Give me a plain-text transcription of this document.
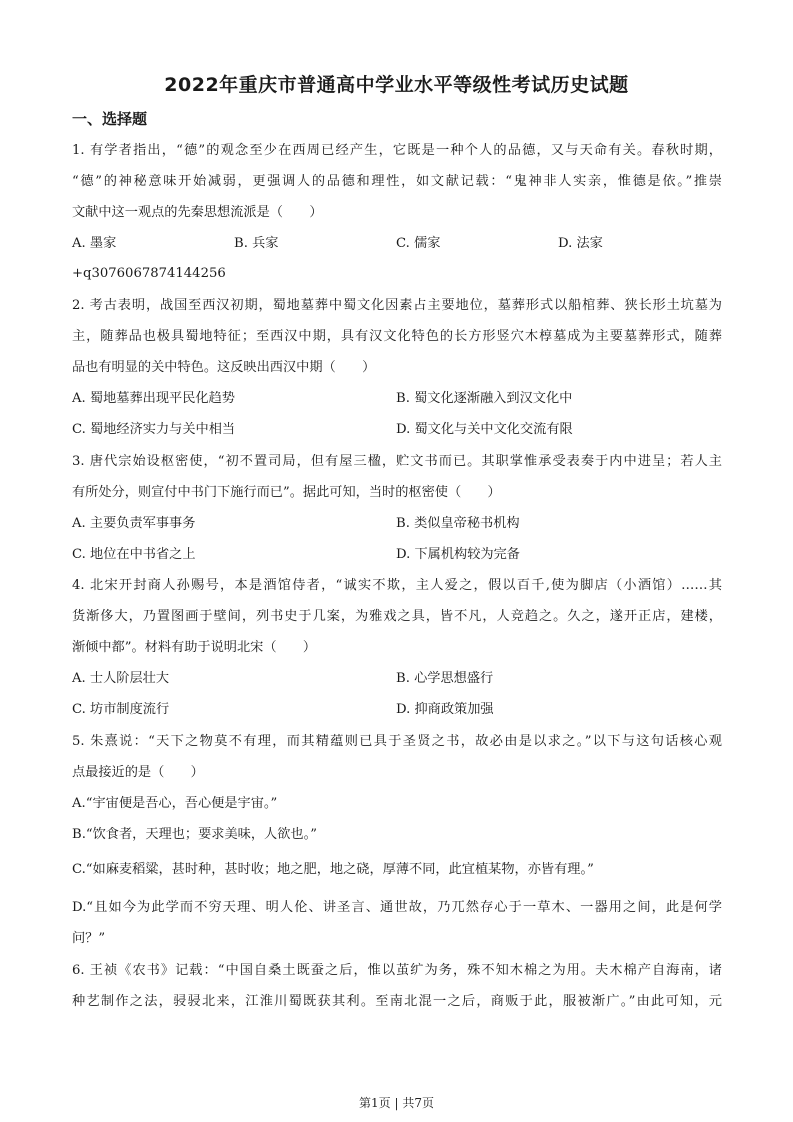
2022年重庆市普通高中学业水平等级性考试历史试题
一、选择题
1. 有学者指出，“德”的观念至少在西周已经产生，它既是一种个人的品德，又与天命有关。春秋时期，
“德”的神秘意味开始减弱，更强调人的品德和理性，如文献记载：“鬼神非人实亲，惟德是依。”推崇
文献中这一观点的先秦思想流派是（　　）
A. 墨家	B. 兵家	C. 儒家	D. 法家
+q3076067874144256
2. 考古表明，战国至西汉初期，蜀地墓葬中蜀文化因素占主要地位，墓葬形式以船棺葬、狭长形土坑墓为
主，随葬品也极具蜀地特征；至西汉中期，具有汉文化特色的长方形竖穴木椁墓成为主要墓葬形式，随葬
品也有明显的关中特色。这反映出西汉中期（　　）
A. 蜀地墓葬出现平民化趋势	B. 蜀文化逐渐融入到汉文化中
C. 蜀地经济实力与关中相当	D. 蜀文化与关中文化交流有限
3. 唐代宗始设枢密使，“初不置司局，但有屋三楹，贮文书而已。其职掌惟承受表奏于内中进呈；若人主
有所处分，则宣付中书门下施行而已”。据此可知，当时的枢密使（　　）
A. 主要负责军事事务	B. 类似皇帝秘书机构
C. 地位在中书省之上	D. 下属机构较为完备
4. 北宋开封商人孙赐号，本是酒馆侍者，“诚实不欺，主人爱之，假以百千,使为脚店（小酒馆）……其
货渐侈大，乃置图画于壁间，列书史于几案，为雅戏之具，皆不凡，人竞趋之。久之，遂开正店，建楼，
渐倾中都”。材料有助于说明北宋（　　）
A. 士人阶层壮大	B. 心学思想盛行
C. 坊市制度流行	D. 抑商政策加强
5. 朱熹说：“天下之物莫不有理，而其精蕴则已具于圣贤之书，故必由是以求之。”以下与这句话核心观
点最接近的是（　　）
A.“宇宙便是吾心，吾心便是宇宙。”
B.“饮食者，天理也；要求美味，人欲也。”
C.“如麻麦稻粱，甚时种，甚时收；地之肥，地之硗，厚薄不同，此宜植某物，亦皆有理。”
D.“且如今为此学而不穷天理、明人伦、讲圣言、通世故，乃兀然存心于一草木、一器用之间，此是何学
问？”
6. 王祯《农书》记载：“中国自桑土既蚕之后，惟以茧纩为务，殊不知木棉之为用。夫木棉产自海南，诸
种艺制作之法，骎骎北来，江淮川蜀既获其利。至南北混一之后，商贩于此，服被渐广。”由此可知，元
第1页 | 共7页
